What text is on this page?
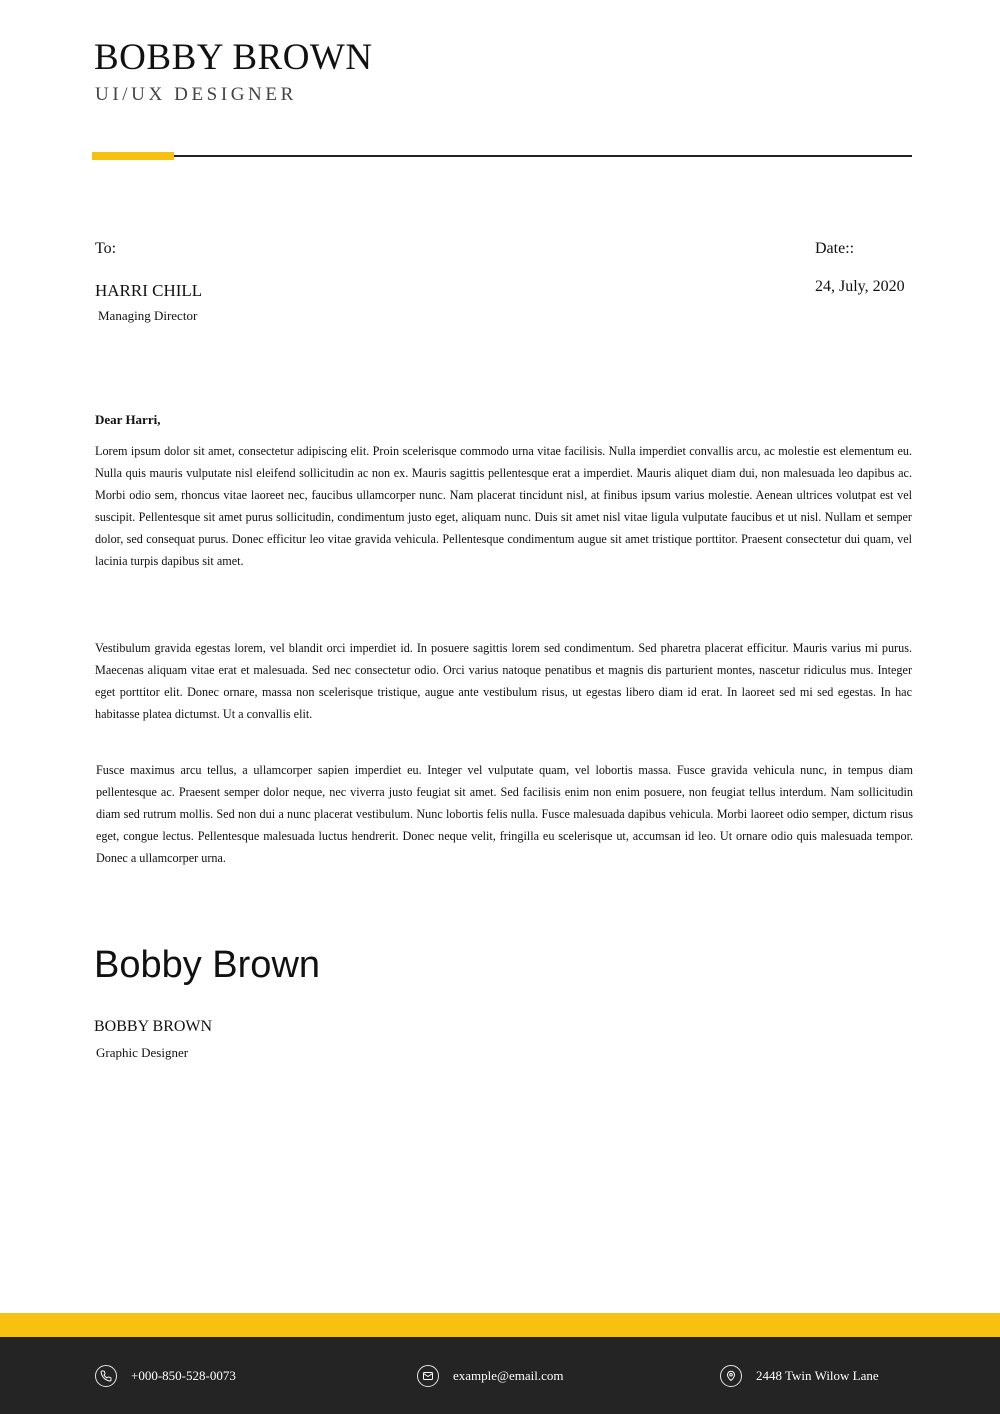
BOBBY BROWN
UI/UX DESIGNER
To:
HARRI CHILL
Managing Director
Date::
24, July, 2020
Dear Harri,

Lorem ipsum dolor sit amet, consectetur adipiscing elit. Proin scelerisque commodo urna vitae facilisis. Nulla imperdiet convallis arcu, ac molestie est elementum eu. Nulla quis mauris vulputate nisl eleifend sollicitudin ac non ex. Mauris sagittis pellentesque erat a imperdiet. Mauris aliquet diam dui, non malesuada leo dapibus ac. Morbi odio sem, rhoncus vitae laoreet nec, faucibus ullamcorper nunc. Nam placerat tincidunt nisl, at finibus ipsum varius molestie. Aenean ultrices volutpat est vel suscipit. Pellentesque sit amet purus sollicitudin, condimentum justo eget, aliquam nunc. Duis sit amet nisl vitae ligula vulputate faucibus et ut nisl. Nullam et semper dolor, sed consequat purus. Donec efficitur leo vitae gravida vehicula. Pellentesque condimentum augue sit amet tristique porttitor. Praesent consectetur dui quam, vel lacinia turpis dapibus sit amet.

Vestibulum gravida egestas lorem, vel blandit orci imperdiet id. In posuere sagittis lorem sed condimentum. Sed pharetra placerat efficitur. Mauris varius mi purus. Maecenas aliquam vitae erat et malesuada. Sed nec consectetur odio. Orci varius natoque penatibus et magnis dis parturient montes, nascetur ridiculus mus. Integer eget porttitor elit. Donec ornare, massa non scelerisque tristique, augue ante vestibulum risus, ut egestas libero diam id erat. In laoreet sed mi sed egestas. In hac habitasse platea dictumst. Ut a convallis elit.

Fusce maximus arcu tellus, a ullamcorper sapien imperdiet eu. Integer vel vulputate quam, vel lobortis massa. Fusce gravida vehicula nunc, in tempus diam pellentesque ac. Praesent semper dolor neque, nec viverra justo feugiat sit amet. Sed facilisis enim non enim posuere, non feugiat tellus interdum. Nam sollicitudin diam sed rutrum mollis. Sed non dui a nunc placerat vestibulum. Nunc lobortis felis nulla. Fusce malesuada dapibus vehicula. Morbi laoreet odio semper, dictum risus eget, congue lectus. Pellentesque malesuada luctus hendrerit. Donec neque velit, fringilla eu scelerisque ut, accumsan id leo. Ut ornare odio quis malesuada tempor. Donec a ullamcorper urna.

Bobby Brown
BOBBY BROWN
Graphic Designer
+000-850-528-0073	example@email.com	2448 Twin Wilow Lane
